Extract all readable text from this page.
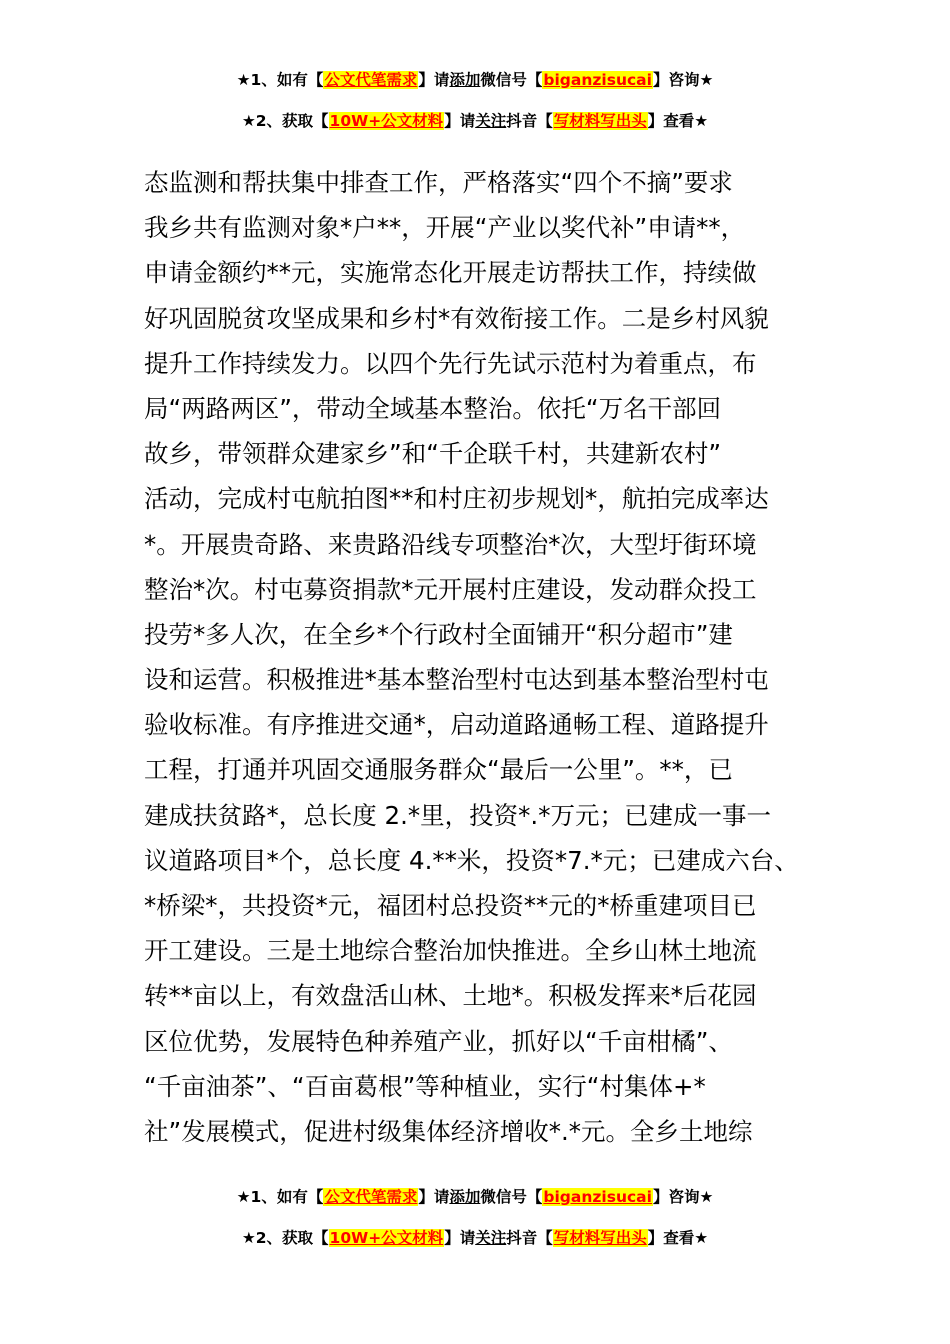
★1、如有【公文代笔需求】请添加微信号【biganzisucai】咨询★
★2、获取【10W+公文材料】请关注抖音【写材料写出头】查看★
态监测和帮扶集中排查工作，严格落实“四个不摘”要求
我乡共有监测对象*户**，开展“产业以奖代补”申请**，
申请金额约**元，实施常态化开展走访帮扶工作，持续做
好巩固脱贫攻坚成果和乡村*有效衔接工作。二是乡村风貌
提升工作持续发力。以四个先行先试示范村为着重点，布
局“两路两区”，带动全域基本整治。依托“万名干部回
故乡，带领群众建家乡”和“千企联千村，共建新农村”
活动，完成村屯航拍图**和村庄初步规划*，航拍完成率达
*。开展贵奇路、来贵路沿线专项整治*次，大型圩街环境
整治*次。村屯募资捐款*元开展村庄建设，发动群众投工
投劳*多人次，在全乡*个行政村全面铺开“积分超市”建
设和运营。积极推进*基本整治型村屯达到基本整治型村屯
验收标准。有序推进交通*，启动道路通畅工程、道路提升
工程，打通并巩固交通服务群众“最后一公里”。**，已
建成扶贫路*，总长度 2.*里，投资*.*万元；已建成一事一
议道路项目*个，总长度 4.**米，投资*7.*元；已建成六台、
*桥梁*，共投资*元，福团村总投资**元的*桥重建项目已
开工建设。三是土地综合整治加快推进。全乡山林土地流
转**亩以上，有效盘活山林、土地*。积极发挥来*后花园
区位优势，发展特色种养殖产业，抓好以“千亩柑橘”、
“千亩油茶”、“百亩葛根”等种植业，实行“村集体+*
社”发展模式，促进村级集体经济增收*.*元。全乡土地综
★1、如有【公文代笔需求】请添加微信号【biganzisucai】咨询★
★2、获取【10W+公文材料】请关注抖音【写材料写出头】查看★
